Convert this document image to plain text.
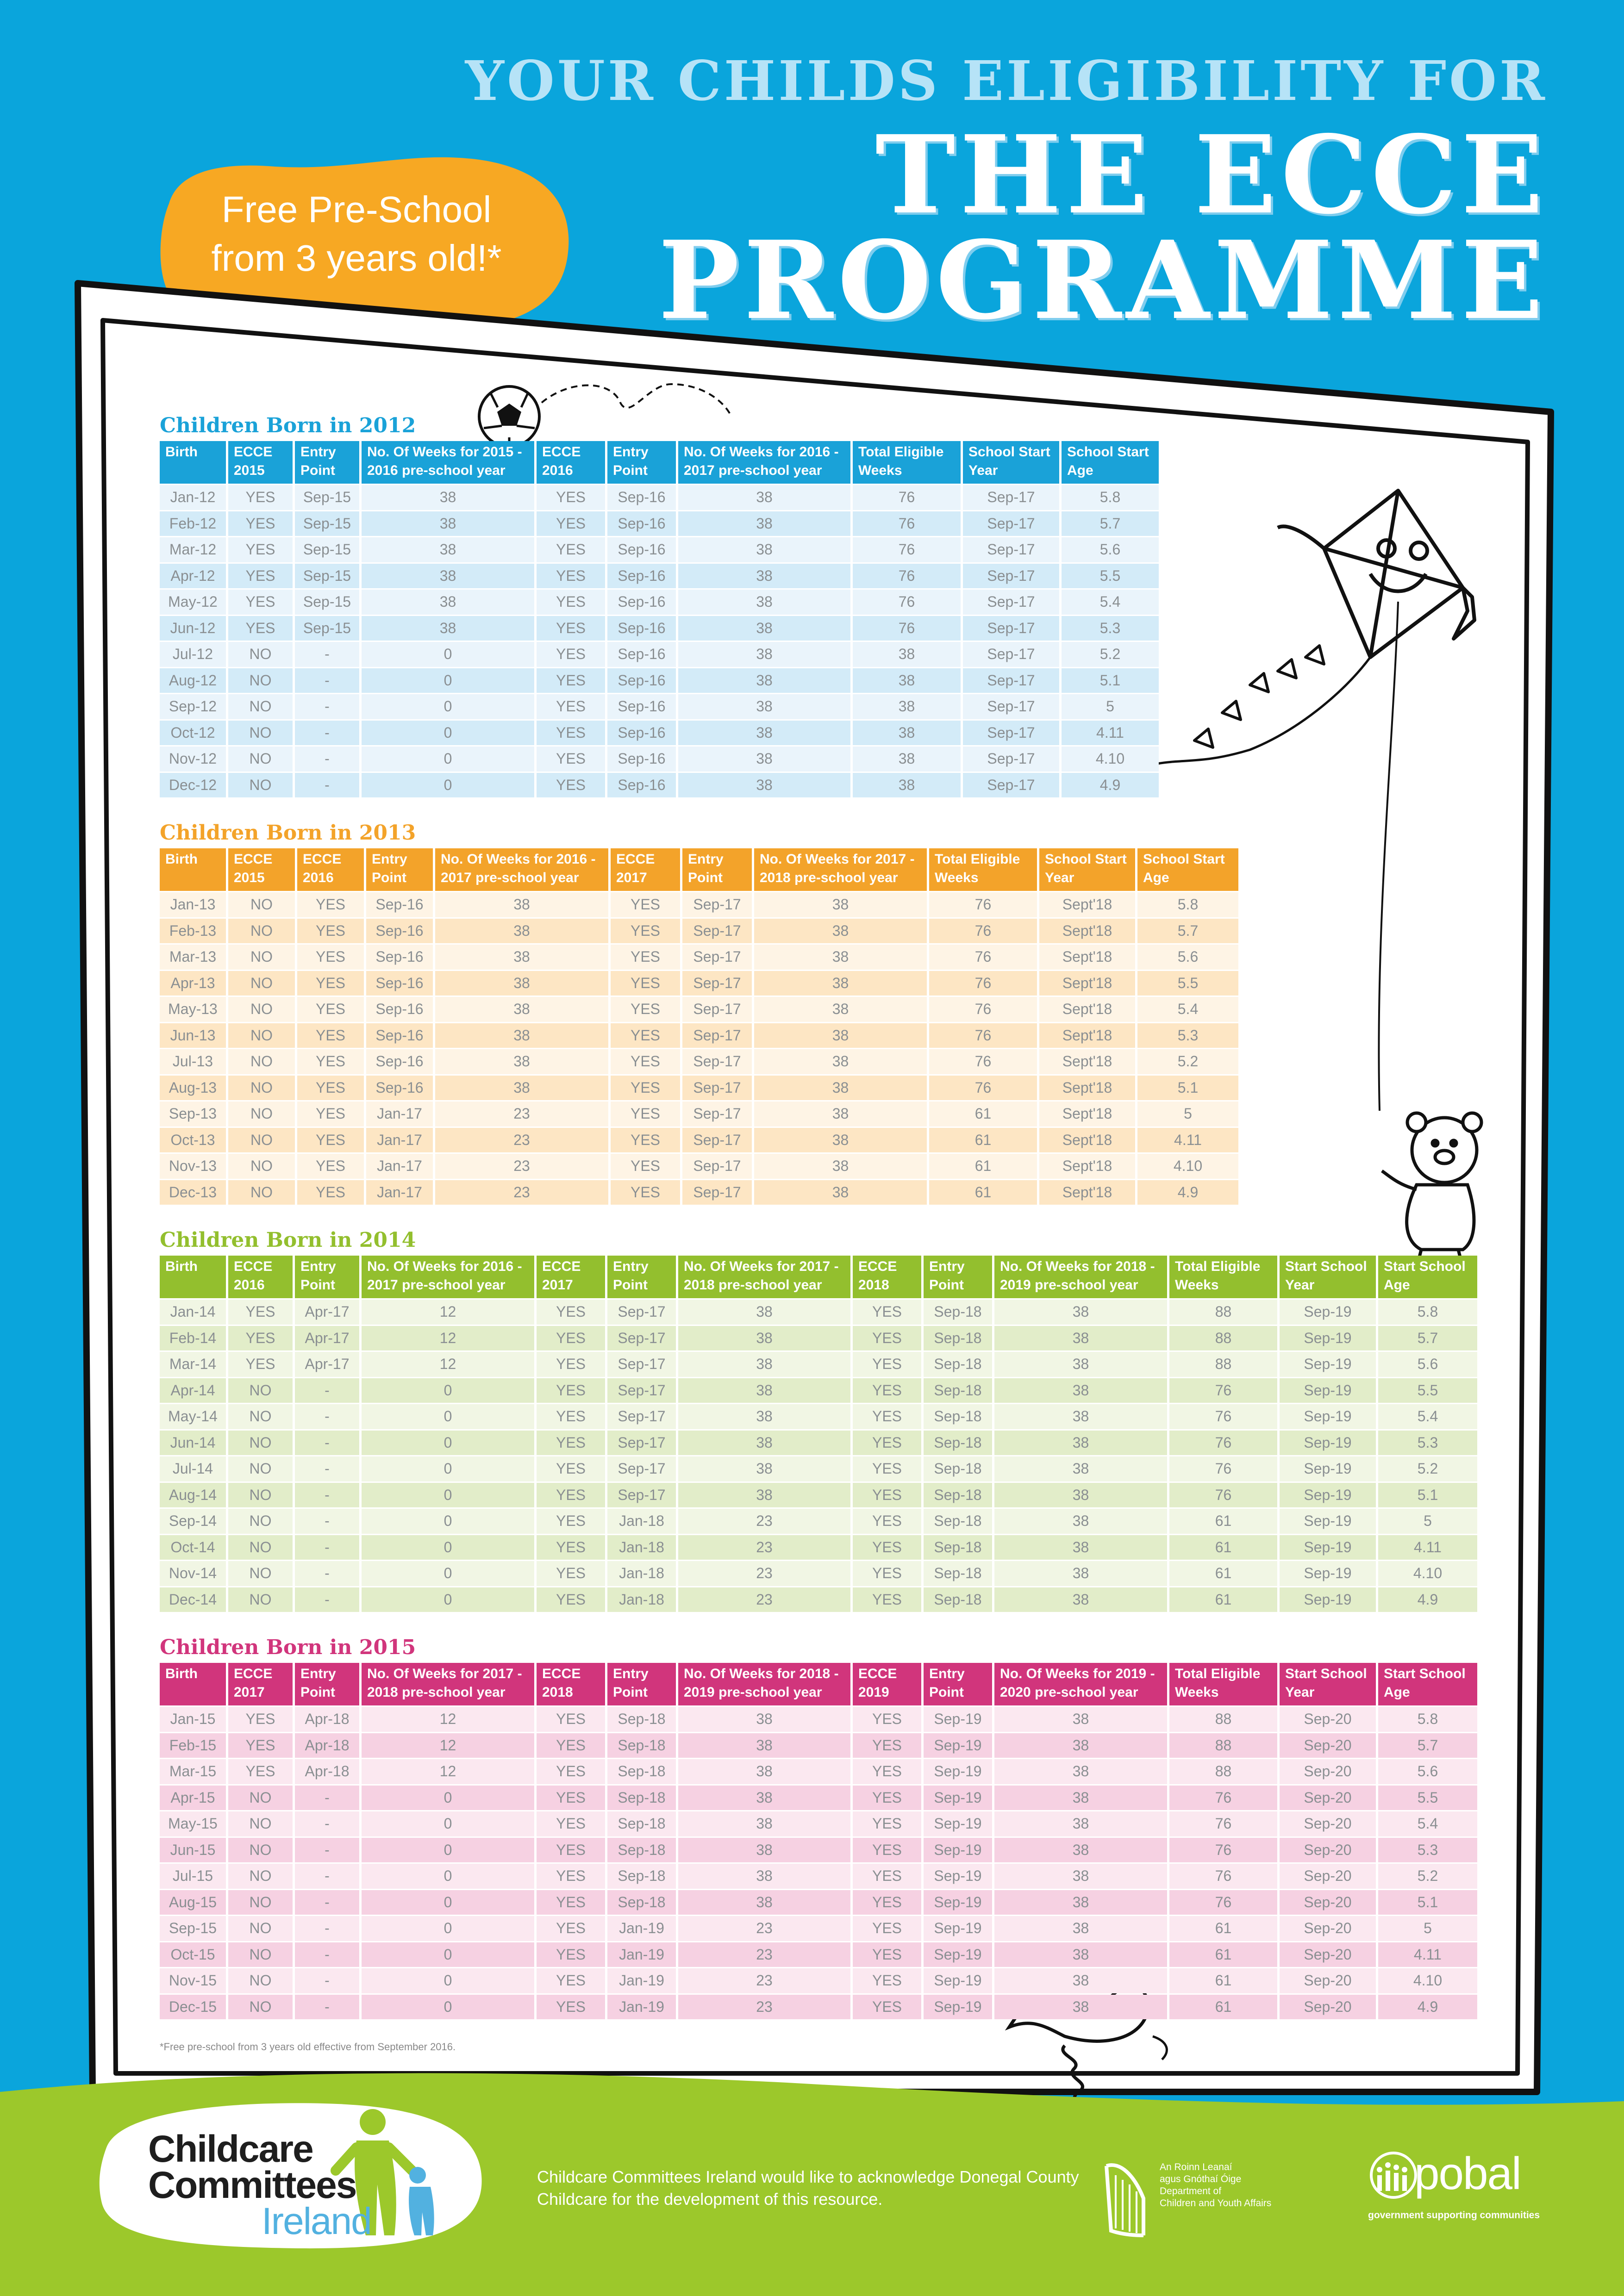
Free Pre-School
from 3 years old!*
YOUR CHILDS ELIGIBILITY FOR
THE ECCE
PROGRAMME
Children Born in 2012
Birth	ECCE 2015	Entry Point	No. Of Weeks for 2015 - 2016 pre-school year	ECCE 2016	Entry Point	No. Of Weeks for 2016 - 2017 pre-school year	Total Eligible Weeks	School Start Year	School Start Age
Jan-12	YES	Sep-15	38	YES	Sep-16	38	76	Sep-17	5.8
Feb-12	YES	Sep-15	38	YES	Sep-16	38	76	Sep-17	5.7
Mar-12	YES	Sep-15	38	YES	Sep-16	38	76	Sep-17	5.6
Apr-12	YES	Sep-15	38	YES	Sep-16	38	76	Sep-17	5.5
May-12	YES	Sep-15	38	YES	Sep-16	38	76	Sep-17	5.4
Jun-12	YES	Sep-15	38	YES	Sep-16	38	76	Sep-17	5.3
Jul-12	NO	-	0	YES	Sep-16	38	38	Sep-17	5.2
Aug-12	NO	-	0	YES	Sep-16	38	38	Sep-17	5.1
Sep-12	NO	-	0	YES	Sep-16	38	38	Sep-17	5
Oct-12	NO	-	0	YES	Sep-16	38	38	Sep-17	4.11
Nov-12	NO	-	0	YES	Sep-16	38	38	Sep-17	4.10
Dec-12	NO	-	0	YES	Sep-16	38	38	Sep-17	4.9
Children Born in 2013
Birth	ECCE 2015	ECCE 2016	Entry Point	No. Of Weeks for 2016 - 2017 pre-school year	ECCE 2017	Entry Point	No. Of Weeks for 2017 - 2018 pre-school year	Total Eligible Weeks	School Start Year	School Start Age
Jan-13	NO	YES	Sep-16	38	YES	Sep-17	38	76	Sept'18	5.8
Feb-13	NO	YES	Sep-16	38	YES	Sep-17	38	76	Sept'18	5.7
Mar-13	NO	YES	Sep-16	38	YES	Sep-17	38	76	Sept'18	5.6
Apr-13	NO	YES	Sep-16	38	YES	Sep-17	38	76	Sept'18	5.5
May-13	NO	YES	Sep-16	38	YES	Sep-17	38	76	Sept'18	5.4
Jun-13	NO	YES	Sep-16	38	YES	Sep-17	38	76	Sept'18	5.3
Jul-13	NO	YES	Sep-16	38	YES	Sep-17	38	76	Sept'18	5.2
Aug-13	NO	YES	Sep-16	38	YES	Sep-17	38	76	Sept'18	5.1
Sep-13	NO	YES	Jan-17	23	YES	Sep-17	38	61	Sept'18	5
Oct-13	NO	YES	Jan-17	23	YES	Sep-17	38	61	Sept'18	4.11
Nov-13	NO	YES	Jan-17	23	YES	Sep-17	38	61	Sept'18	4.10
Dec-13	NO	YES	Jan-17	23	YES	Sep-17	38	61	Sept'18	4.9
Children Born in 2014
Birth	ECCE 2016	Entry Point	No. Of Weeks for 2016 - 2017 pre-school year	ECCE 2017	Entry Point	No. Of Weeks for 2017 - 2018 pre-school year	ECCE 2018	Entry Point	No. Of Weeks for 2018 - 2019 pre-school year	Total Eligible Weeks	Start School Year	Start School Age
Jan-14	YES	Apr-17	12	YES	Sep-17	38	YES	Sep-18	38	88	Sep-19	5.8
Feb-14	YES	Apr-17	12	YES	Sep-17	38	YES	Sep-18	38	88	Sep-19	5.7
Mar-14	YES	Apr-17	12	YES	Sep-17	38	YES	Sep-18	38	88	Sep-19	5.6
Apr-14	NO	-	0	YES	Sep-17	38	YES	Sep-18	38	76	Sep-19	5.5
May-14	NO	-	0	YES	Sep-17	38	YES	Sep-18	38	76	Sep-19	5.4
Jun-14	NO	-	0	YES	Sep-17	38	YES	Sep-18	38	76	Sep-19	5.3
Jul-14	NO	-	0	YES	Sep-17	38	YES	Sep-18	38	76	Sep-19	5.2
Aug-14	NO	-	0	YES	Sep-17	38	YES	Sep-18	38	76	Sep-19	5.1
Sep-14	NO	-	0	YES	Jan-18	23	YES	Sep-18	38	61	Sep-19	5
Oct-14	NO	-	0	YES	Jan-18	23	YES	Sep-18	38	61	Sep-19	4.11
Nov-14	NO	-	0	YES	Jan-18	23	YES	Sep-18	38	61	Sep-19	4.10
Dec-14	NO	-	0	YES	Jan-18	23	YES	Sep-18	38	61	Sep-19	4.9
Children Born in 2015
Birth	ECCE 2017	Entry Point	No. Of Weeks for 2017 - 2018 pre-school year	ECCE 2018	Entry Point	No. Of Weeks for 2018 - 2019 pre-school year	ECCE 2019	Entry Point	No. Of Weeks for 2019 - 2020 pre-school year	Total Eligible Weeks	Start School Year	Start School Age
Jan-15	YES	Apr-18	12	YES	Sep-18	38	YES	Sep-19	38	88	Sep-20	5.8
Feb-15	YES	Apr-18	12	YES	Sep-18	38	YES	Sep-19	38	88	Sep-20	5.7
Mar-15	YES	Apr-18	12	YES	Sep-18	38	YES	Sep-19	38	88	Sep-20	5.6
Apr-15	NO	-	0	YES	Sep-18	38	YES	Sep-19	38	76	Sep-20	5.5
May-15	NO	-	0	YES	Sep-18	38	YES	Sep-19	38	76	Sep-20	5.4
Jun-15	NO	-	0	YES	Sep-18	38	YES	Sep-19	38	76	Sep-20	5.3
Jul-15	NO	-	0	YES	Sep-18	38	YES	Sep-19	38	76	Sep-20	5.2
Aug-15	NO	-	0	YES	Sep-18	38	YES	Sep-19	38	76	Sep-20	5.1
Sep-15	NO	-	0	YES	Jan-19	23	YES	Sep-19	38	61	Sep-20	5
Oct-15	NO	-	0	YES	Jan-19	23	YES	Sep-19	38	61	Sep-20	4.11
Nov-15	NO	-	0	YES	Jan-19	23	YES	Sep-19	38	61	Sep-20	4.10
Dec-15	NO	-	0	YES	Jan-19	23	YES	Sep-19	38	61	Sep-20	4.9
*Free pre-school from 3 years old effective from September 2016.
Childcare
Committees
Ireland
Childcare Committees Ireland would like to acknowledge Donegal County Childcare for the development of this resource.
An Roinn Leanaí
agus Gnóthaí Óige
Department of
Children and Youth Affairs
pobal
government supporting communities
